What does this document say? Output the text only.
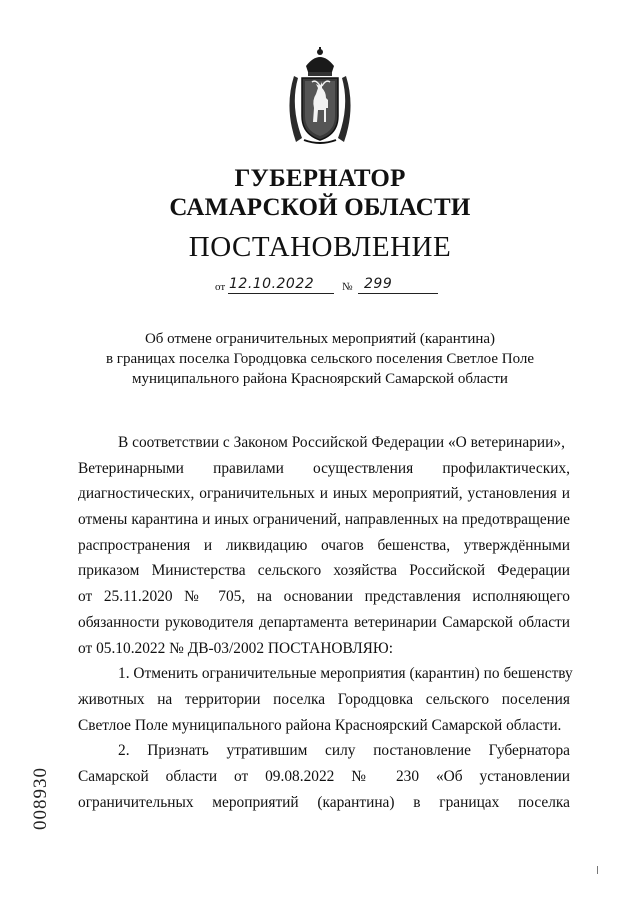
ГУБЕРНАТОР
САМАРСКОЙ ОБЛАСТИ
ПОСТАНОВЛЕНИЕ
от 12.10.2022	№ 299
Об отмене ограничительных мероприятий (карантина)
в границах поселка Городцовка сельского поселения Светлое Поле
муниципального района Красноярский Самарской области
В соответствии с Законом Российской Федерации «О ветеринарии»,
Ветеринарными правилами осуществления профилактических,
диагностических, ограничительных и иных мероприятий, установления и
отмены карантина и иных ограничений, направленных на предотвращение
распространения и ликвидацию очагов бешенства, утверждёнными
приказом Министерства сельского хозяйства Российской Федерации
от 25.11.2020 № 705, на основании представления исполняющего
обязанности руководителя департамента ветеринарии Самарской области
от 05.10.2022 № ДВ-03/2002 ПОСТАНОВЛЯЮ:
1. Отменить ограничительные мероприятия (карантин) по бешенству
животных на территории поселка Городцовка сельского поселения
Светлое Поле муниципального района Красноярский Самарской области.
2. Признать утратившим силу постановление Губернатора
Самарской области от 09.08.2022 № 230 «Об установлении
ограничительных мероприятий (карантина) в границах поселка
008930
